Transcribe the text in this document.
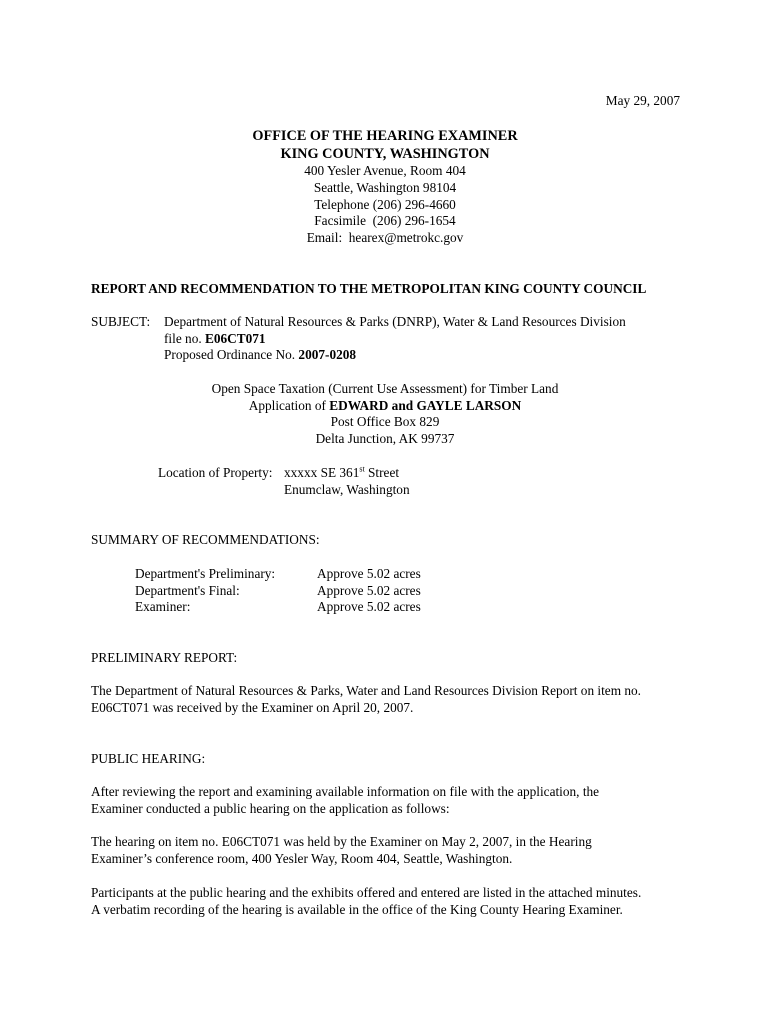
May 29, 2007
OFFICE OF THE HEARING EXAMINER
KING COUNTY, WASHINGTON
400 Yesler Avenue, Room 404
Seattle, Washington 98104
Telephone (206) 296-4660
Facsimile  (206) 296-1654
Email:  hearex@metrokc.gov
REPORT AND RECOMMENDATION TO THE METROPOLITAN KING COUNTY COUNCIL
SUBJECT: Department of Natural Resources & Parks (DNRP), Water & Land Resources Division
file no. E06CT071
Proposed Ordinance No. 2007-0208
Open Space Taxation (Current Use Assessment) for Timber Land
Application of EDWARD and GAYLE LARSON
Post Office Box 829
Delta Junction, AK 99737
Location of Property: xxxxx SE 361st Street
Enumclaw, Washington
SUMMARY OF RECOMMENDATIONS:
Department's Preliminary:	Approve 5.02 acres
Department's Final:	Approve 5.02 acres
Examiner:	Approve 5.02 acres
PRELIMINARY REPORT:
The Department of Natural Resources & Parks, Water and Land Resources Division Report on item no.
E06CT071 was received by the Examiner on April 20, 2007.
PUBLIC HEARING:
After reviewing the report and examining available information on file with the application, the
Examiner conducted a public hearing on the application as follows:
The hearing on item no. E06CT071 was held by the Examiner on May 2, 2007, in the Hearing
Examiner’s conference room, 400 Yesler Way, Room 404, Seattle, Washington.
Participants at the public hearing and the exhibits offered and entered are listed in the attached minutes.
A verbatim recording of the hearing is available in the office of the King County Hearing Examiner.
